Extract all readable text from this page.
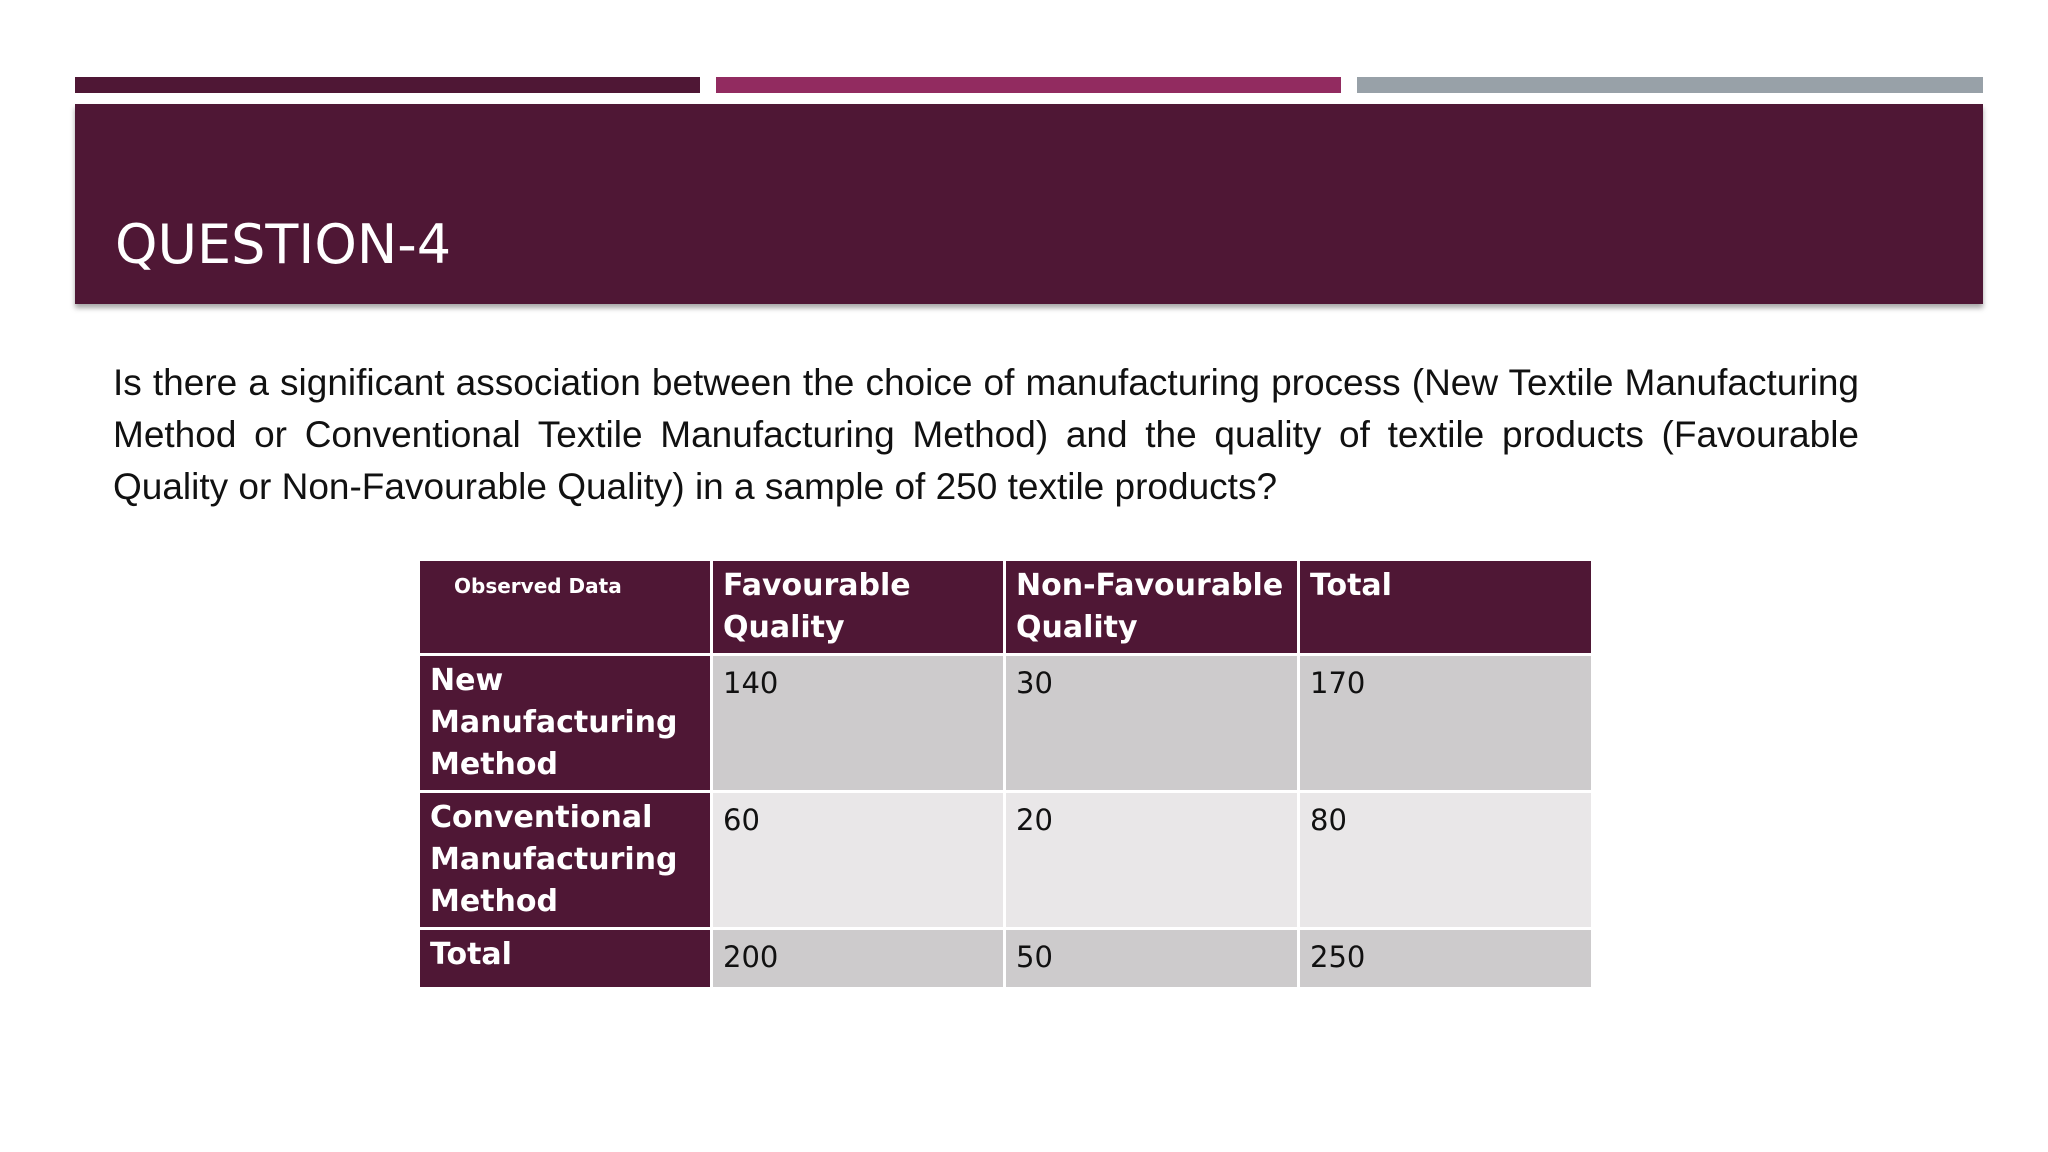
QUESTION-4

Is there a significant association between the choice of manufacturing process (New Textile Manufacturing Method or Conventional Textile Manufacturing Method) and the quality of textile products (Favourable Quality or Non-Favourable Quality) in a sample of 250 textile products?

Observed Data	Favourable Quality	Non-Favourable Quality	Total
New Manufacturing Method	140	30	170
Conventional Manufacturing Method	60	20	80
Total	200	50	250
